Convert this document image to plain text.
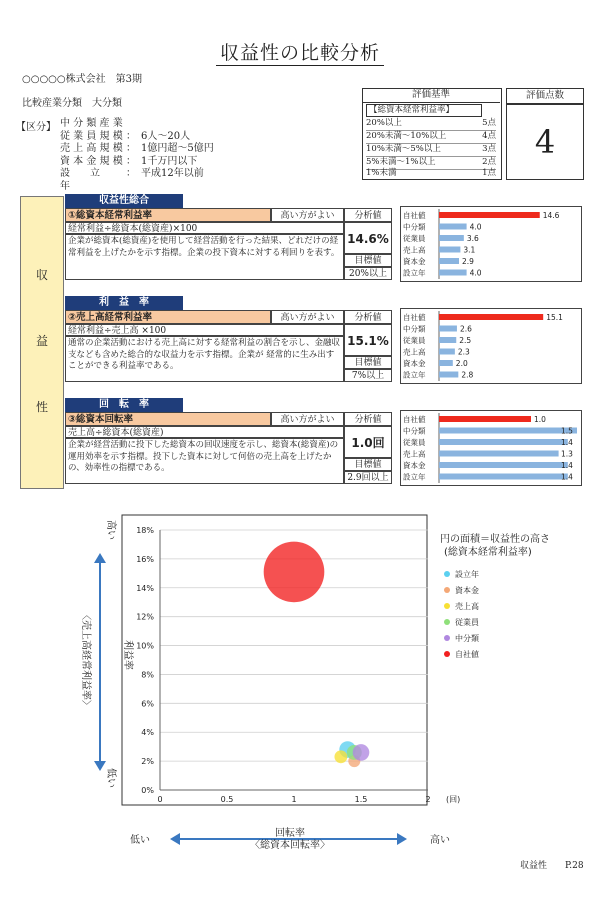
収益性の比較分析
○○○○○株式会社　第3期
比較産業分類　大分類
【区分】 中 分 類 産 業
従 業 員 規 模 ：　6人～20人
売 上 高 規 模 ：　1億円超～5億円
資 本 金 規 模 ：　1千万円以下
設　　立　　年
：　平成12年以前
評価基準
【総資本経常利益率】
20%以上	5点
20%未満～10%以上	4点
10%未満～5%以上	3点
5%未満～1%以上	2点
1%未満	1点
評価点数
4
収
益
性
収益性総合
①総資本経常利益率	高い方がよい	分析値
経常利益÷総資本(総資産)×100
企業が総資本(総資産)を使用して経営活動を行った結果、どれだけの経常利益を上げたかを示す指標。企業の投下資本に対する利回りを表す。
14.6%
目標値
20%以上
自社値	14.6
中分類	4.0
従業員	3.6
売上高	3.1
資本金	2.9
設立年	4.0
利　益　率
②売上高経常利益率	高い方がよい	分析値
経常利益÷売上高 ×100
通常の企業活動における売上高に対する経常利益の割合を示し、金融収支なども含めた総合的な収益力を示す指標。企業が 経常的に生み出すことができる利益率である。
15.1%
目標値
7%以上
自社値	15.1
中分類	2.6
従業員	2.5
売上高	2.3
資本金	2.0
設立年	2.8
回　転　率
③総資本回転率	高い方がよい	分析値
売上高÷総資本(総資産)
企業が経営活動に投下した総資本の回収速度を示し、総資本(総資産)の運用効率を示す指標。投下した資本に対して何倍の売上高を上げたかの、効率性の指標である。
1.0回
目標値
2.9回以上
自社値	1.0
中分類	1.5
従業員	1.4
売上高	1.3
資本金	1.4
設立年	1.4
0%
2%
4%
6%
8%
10%
12%
14%
16%
18%
0	0.5	1	1.5	2 (回)
円の面積＝収益性の高さ
(総資本経常利益率)
設立年
資本金
売上高
従業員
中分類
自社値
高い
低い
利益率
〈売上高経常利益率〉
低い	高い
回転率
〈総資本回転率〉
収益性　　P.28
